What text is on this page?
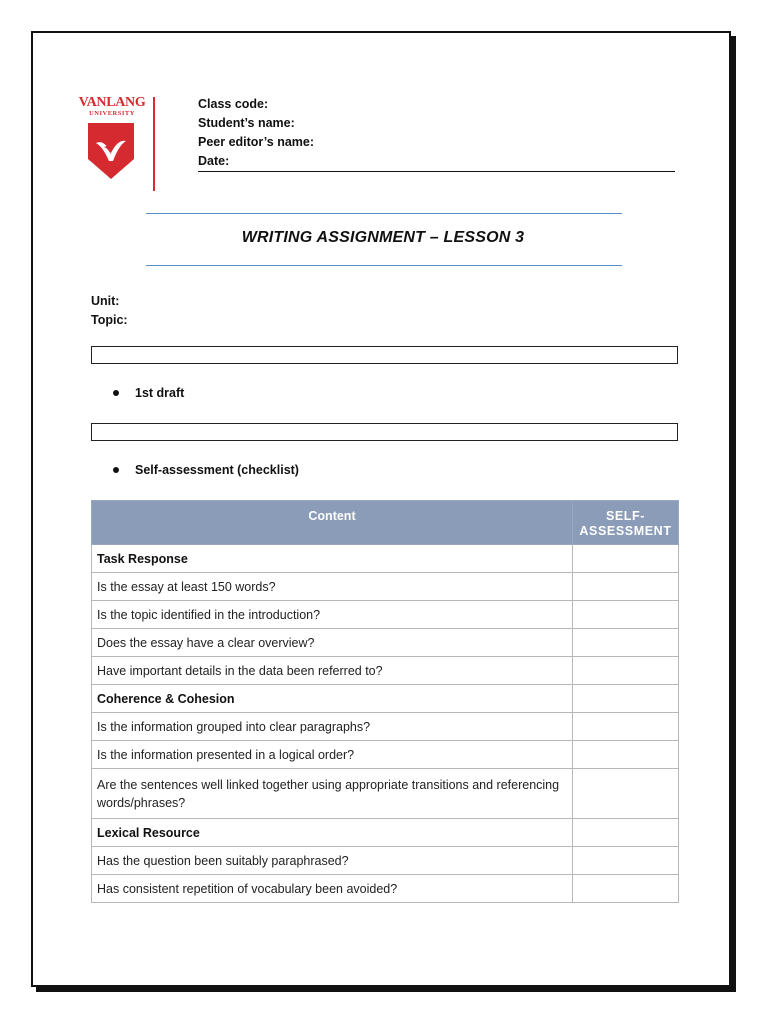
VANLANG
UNIVERSITY
Class code:
Student’s name:
Peer editor’s name:
Date:
WRITING ASSIGNMENT – LESSON 3
Unit:
Topic:
1st draft
Self-assessment (checklist)
Content	SELF-
ASSESSMENT
Task Response	
Is the essay at least 150 words?	
Is the topic identified in the introduction?	
Does the essay have a clear overview?	
Have important details in the data been referred to?	
Coherence & Cohesion	
Is the information grouped into clear paragraphs?	
Is the information presented in a logical order?	
Are the sentences well linked together using appropriate transitions and referencing words/phrases?	
Lexical Resource	
Has the question been suitably paraphrased?	
Has consistent repetition of vocabulary been avoided?	
